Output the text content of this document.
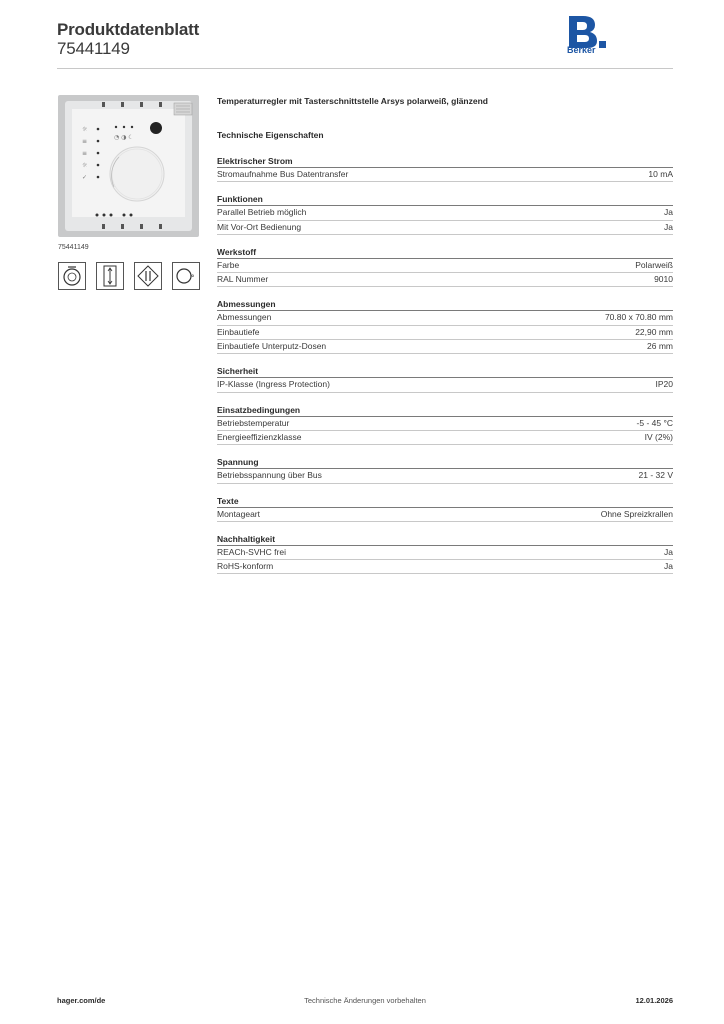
Produktdatenblatt
75441149	Berker
☼
≡
≡
☼
✓
◔ ◑ ☾
75441149
°
Temperaturregler mit Tasterschnittstelle Arsys polarweiß, glänzend
Technische Eigenschaften
Elektrischer Strom
Stromaufnahme Bus Datentransfer	10 mA
Funktionen
Parallel Betrieb möglich	Ja
Mit Vor-Ort Bedienung	Ja
Werkstoff
Farbe	Polarweiß
RAL Nummer	9010
Abmessungen
Abmessungen	70.80 x 70.80 mm
Einbautiefe	22,90 mm
Einbautiefe Unterputz-Dosen	26 mm
Sicherheit
IP-Klasse (Ingress Protection)	IP20
Einsatzbedingungen
Betriebstemperatur	-5 - 45 °C
Energieeffizienzklasse	IV (2%)
Spannung
Betriebsspannung über Bus	21 - 32 V
Texte
Montageart	Ohne Spreizkrallen
Nachhaltigkeit
REACh-SVHC frei	Ja
RoHS-konform	Ja
Technische Änderungen vorbehalten
hager.com/de	12.01.2026
